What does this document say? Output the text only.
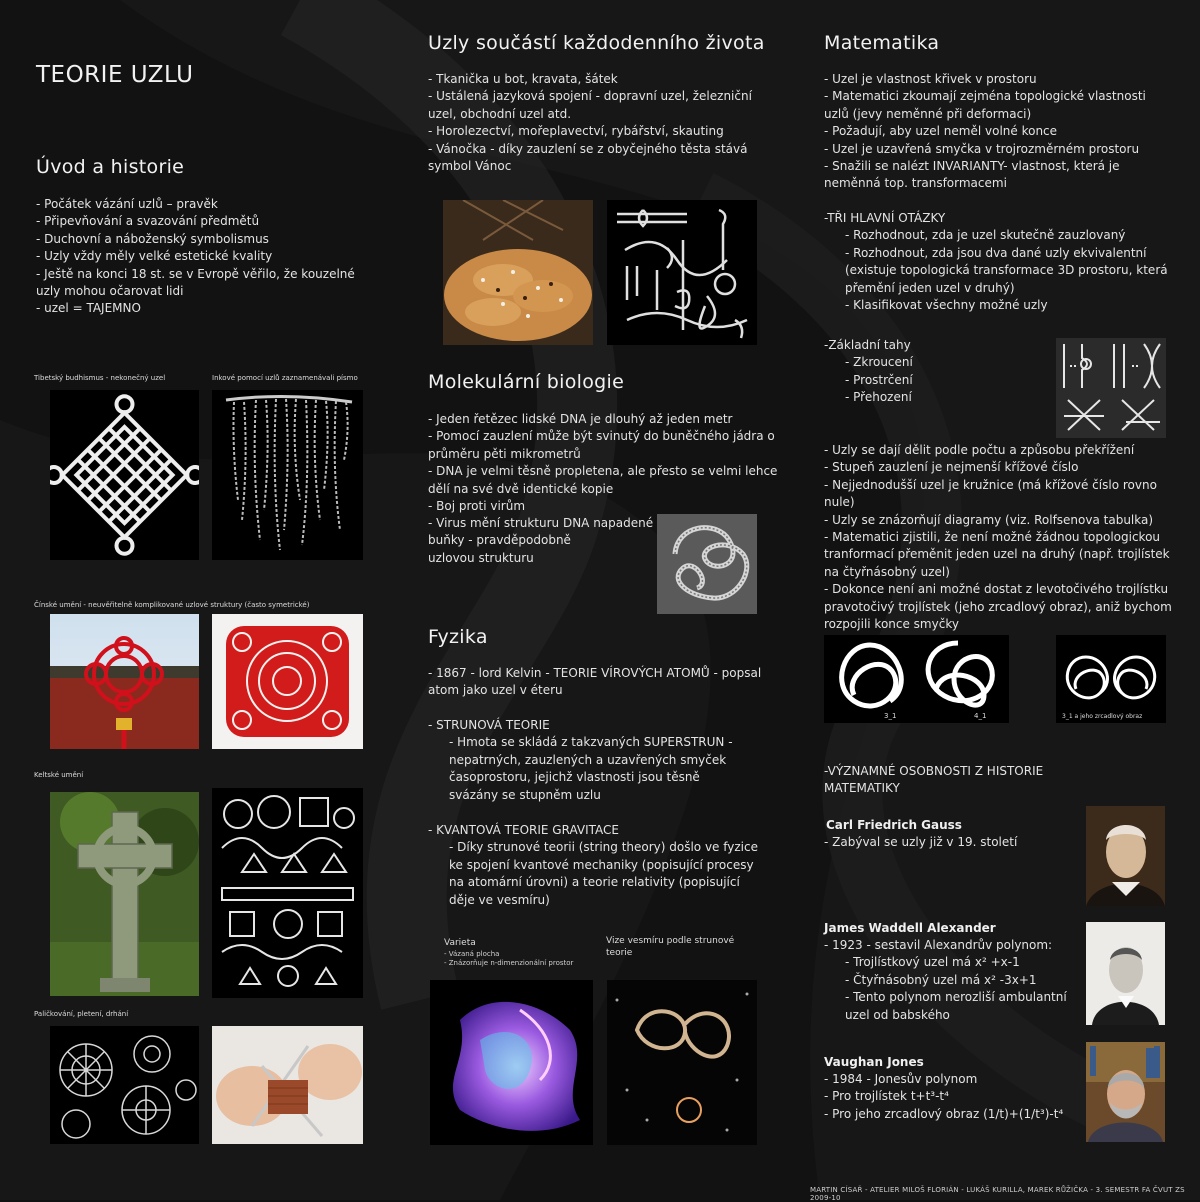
TEORIE UZLU
Úvod a historie
- Počátek vázání uzlů – pravěk
- Připevňování a svazování předmětů
- Duchovní a náboženský symbolismus
- Uzly vždy měly velké estetické kvality
- Ještě na konci 18 st. se v Evropě věřilo, že kouzelné uzly mohou očarovat lidi
- uzel = TAJEMNO
Tibetský budhismus - nekonečný uzel	Inkové pomocí uzlů zaznamenávali písmo
Čínské umění - neuvěřitelně komplikované uzlové struktury (často symetrické)
Keltské umění
Paličkování, pletení, drhání
Uzly součástí každodenního života
- Tkanička u bot, kravata, šátek
- Ustálená jazyková spojení - dopravní uzel, železniční uzel, obchodní uzel atd.
- Horolezectví, mořeplavectví, rybářství, skauting
- Vánočka - díky zauzlení se z obyčejného těsta stává symbol Vánoc
Molekulární biologie
- Jeden řetězec lidské DNA je dlouhý až jeden metr
- Pomocí zauzlení může být svinutý do buněčného jádra o průměru pěti mikrometrů
- DNA je velmi těsně propletena, ale přesto se velmi lehce dělí na své dvě identické kopie
- Boj proti virům
- Virus mění strukturu DNA napadené
buňky - pravděpodobně
uzlovou strukturu
Fyzika
- 1867 - lord Kelvin - TEORIE VÍROVÝCH ATOMŮ - popsal atom jako uzel v éteru
- STRUNOVÁ TEORIE
- Hmota se skládá z takzvaných SUPERSTRUN - nepatrných, zauzlených a uzavřených smyček časoprostoru, jejichž vlastnosti jsou těsně svázány se stupněm uzlu
- KVANTOVÁ TEORIE GRAVITACE
- Díky strunové teorii (string theory) došlo ve fyzice ke spojení kvantové mechaniky (popisující procesy na atomární úrovni) a teorie relativity (popisující děje ve vesmíru)
Varieta
- Vázaná plocha
- Znázorňuje n-dimenzionální prostor
Vize vesmíru podle strunové teorie
Matematika
- Uzel je vlastnost křivek v prostoru
- Matematici zkoumají zejména topologické vlastnosti uzlů (jevy neměnné při deformaci)
- Požadují, aby uzel neměl volné konce
- Uzel je uzavřená smyčka v trojrozměrném prostoru
- Snažili se nalézt INVARIANTY- vlastnost, která je neměnná top. transformacemi
-TŘI HLAVNÍ OTÁZKY
- Rozhodnout, zda je uzel skutečně zauzlovaný
- Rozhodnout, zda jsou dva dané uzly ekvivalentní (existuje topologická transformace 3D prostoru, která přemění jeden uzel v druhý)
- Klasifikovat všechny možné uzly
-Základní tahy
- Zkroucení
- Prostrčení
- Přehození
- Uzly se dají dělit podle počtu a způsobu překřížení
- Stupeň zauzlení je nejmenší křížové číslo
- Nejjednodušší uzel je kružnice (má křížové číslo rovno nule)
- Uzly se znázorňují diagramy (viz. Rolfsenova tabulka)
- Matematici zjistili, že není možné žádnou topologickou tranformací přeměnit jeden uzel na druhý (např. trojlístek na čtyřnásobný uzel)
- Dokonce není ani možné dostat z levotočivého trojlístku pravotočivý trojlístek (jeho zrcadlový obraz), aniž bychom rozpojili konce smyčky
3_1	4_1	3_1 a jeho zrcadlový obraz
-VÝZNAMNÉ OSOBNOSTI Z HISTORIE MATEMATIKY
Carl Friedrich Gauss
- Zabýval se uzly již v 19. století
James Waddell Alexander
- 1923 - sestavil Alexandrův polynom:
- Trojlístkový uzel má x² +x-1
- Čtyřnásobný uzel má x² -3x+1
- Tento polynom nerozliší ambulantní uzel od babského
Vaughan Jones
- 1984 - Jonesův polynom
- Pro trojlístek t+t³-t⁴
- Pro jeho zrcadlový obraz (1/t)+(1/t³)-t⁴
MARTIN CÍSAŘ - ATELIER MILOŠ FLORIÁN - LUKÁŠ KURILLA, MAREK RŮŽIČKA - 3. SEMESTR FA ČVUT ZS 2009-10
